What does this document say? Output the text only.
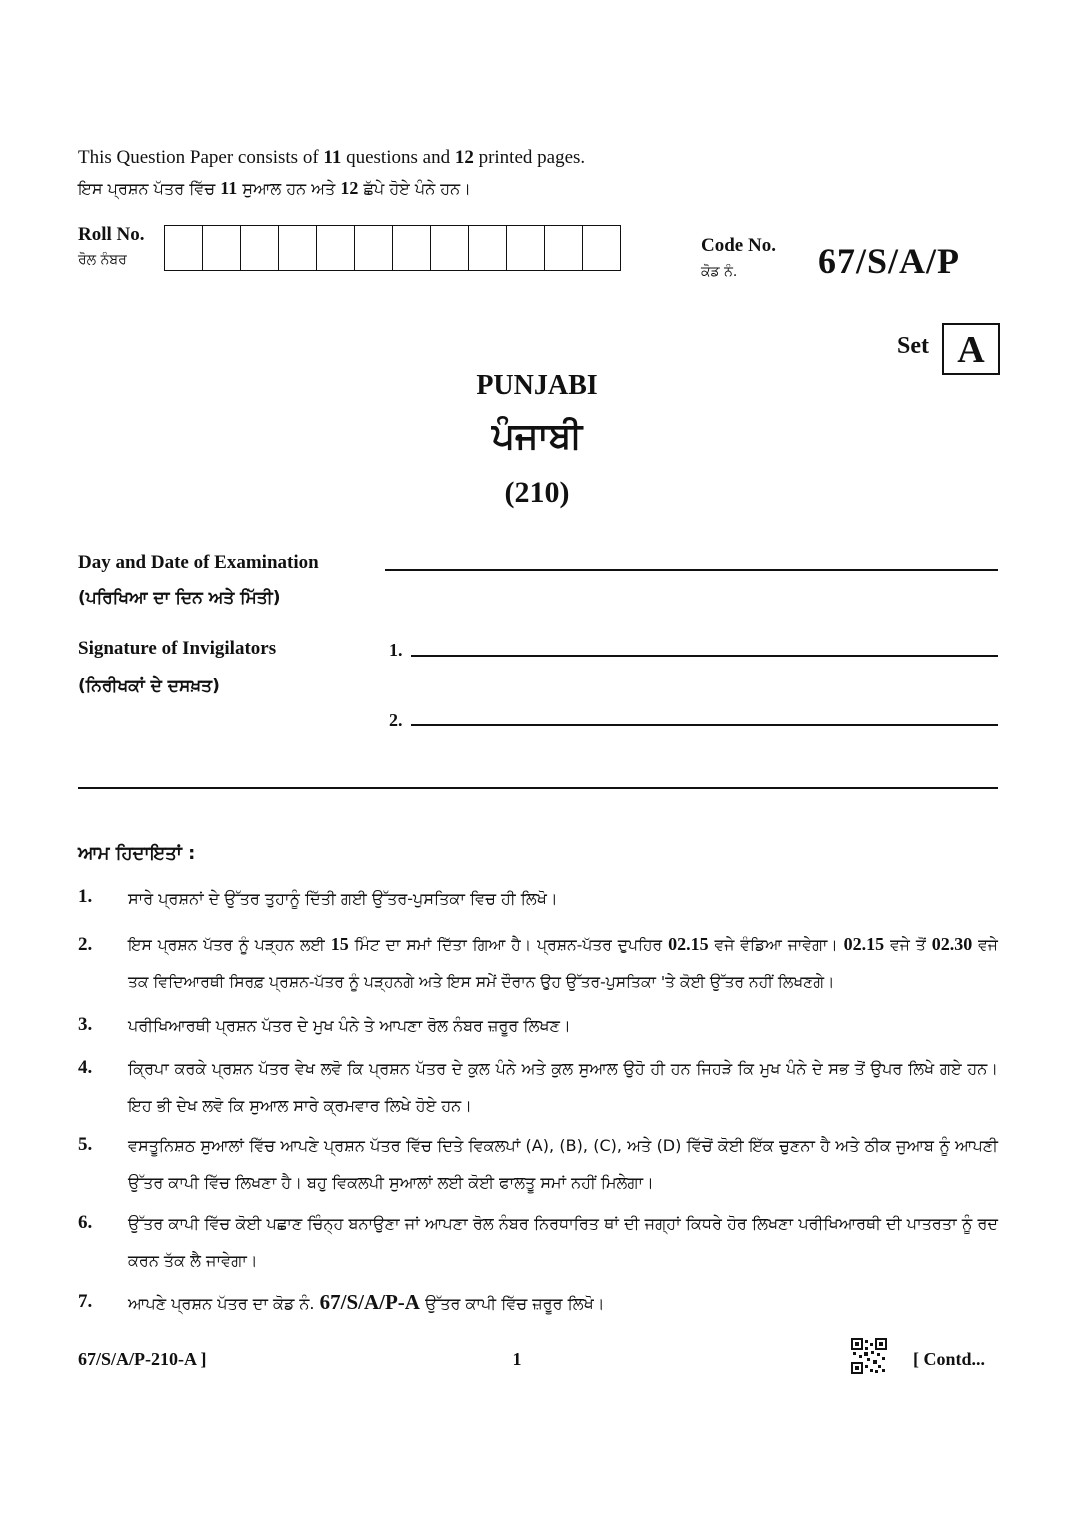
This Question Paper consists of 11 questions and 12 printed pages.
ਇਸ ਪ੍ਰਸ਼ਨ ਪੱਤਰ ਵਿੱਚ 11 ਸੁਆਲ ਹਨ ਅਤੇ 12 ਛੱਪੇ ਹੋਏ ਪੰਨੇ ਹਨ।
Roll No.
ਰੋਲ ਨੰਬਰ
Code No.
ਕੋਡ ਨੰ. 67/S/A/P
Set A
PUNJABI
ਪੰਜਾਬੀ
(210)
Day and Date of Examination
(ਪਰਿਖਿਆ ਦਾ ਦਿਨ ਅਤੇ ਮਿੱਤੀ)
Signature of Invigilators
(ਨਿਰੀਖਕਾਂ ਦੇ ਦਸਖ਼ਤ)
1.
2.
ਆਮ ਹਿਦਾਇਤਾਂ :
1. ਸਾਰੇ ਪ੍ਰਸ਼ਨਾਂ ਦੇ ਉੱਤਰ ਤੁਹਾਨੂੰ ਦਿੱਤੀ ਗਈ ਉੱਤਰ-ਪੁਸਤਿਕਾ ਵਿਚ ਹੀ ਲਿਖੋ।
2. ਇਸ ਪ੍ਰਸ਼ਨ ਪੱਤਰ ਨੂੰ ਪੜ੍ਹਨ ਲਈ 15 ਮਿੰਟ ਦਾ ਸਮਾਂ ਦਿੱਤਾ ਗਿਆ ਹੈ। ਪ੍ਰਸ਼ਨ-ਪੱਤਰ ਦੁਪਹਿਰ 02.15 ਵਜੇ ਵੰਡਿਆ ਜਾਵੇਗਾ। 02.15 ਵਜੇ ਤੋਂ 02.30 ਵਜੇ ਤਕ ਵਿਦਿਆਰਥੀ ਸਿਰਫ਼ ਪ੍ਰਸ਼ਨ-ਪੱਤਰ ਨੂੰ ਪੜ੍ਹਨਗੇ ਅਤੇ ਇਸ ਸਮੇਂ ਦੌਰਾਨ ਉਹ ਉੱਤਰ-ਪੁਸਤਿਕਾ 'ਤੇ ਕੋਈ ਉੱਤਰ ਨਹੀਂ ਲਿਖਣਗੇ।
3. ਪਰੀਖਿਆਰਥੀ ਪ੍ਰਸ਼ਨ ਪੱਤਰ ਦੇ ਮੁਖ ਪੰਨੇ ਤੇ ਆਪਣਾ ਰੋਲ ਨੰਬਰ ਜ਼ਰੂਰ ਲਿਖਣ।
4. ਕ੍ਰਿਪਾ ਕਰਕੇ ਪ੍ਰਸ਼ਨ ਪੱਤਰ ਵੇਖ ਲਵੋ ਕਿ ਪ੍ਰਸ਼ਨ ਪੱਤਰ ਦੇ ਕੁਲ ਪੰਨੇ ਅਤੇ ਕੁਲ ਸੁਆਲ ਉਹੋ ਹੀ ਹਨ ਜਿਹੜੇ ਕਿ ਮੁਖ ਪੰਨੇ ਦੇ ਸਭ ਤੋਂ ਉਪਰ ਲਿਖੇ ਗਏ ਹਨ। ਇਹ ਭੀ ਦੇਖ ਲਵੋ ਕਿ ਸੁਆਲ ਸਾਰੇ ਕ੍ਰਮਵਾਰ ਲਿਖੇ ਹੋਏ ਹਨ।
5. ਵਸਤੂਨਿਸ਼ਠ ਸੁਆਲਾਂ ਵਿੱਚ ਆਪਣੇ ਪ੍ਰਸ਼ਨ ਪੱਤਰ ਵਿੱਚ ਦਿਤੇ ਵਿਕਲਪਾਂ (A), (B), (C), ਅਤੇ (D) ਵਿੱਚੋਂ ਕੋਈ ਇੱਕ ਚੁਣਨਾ ਹੈ ਅਤੇ ਠੀਕ ਜੁਆਬ ਨੂੰ ਆਪਣੀ ਉੱਤਰ ਕਾਪੀ ਵਿੱਚ ਲਿਖਣਾ ਹੈ। ਬਹੁ ਵਿਕਲਪੀ ਸੁਆਲਾਂ ਲਈ ਕੋਈ ਫਾਲਤੂ ਸਮਾਂ ਨਹੀਂ ਮਿਲੇਗਾ।
6. ਉੱਤਰ ਕਾਪੀ ਵਿੱਚ ਕੋਈ ਪਛਾਣ ਚਿੰਨ੍ਹ ਬਨਾਉਣਾ ਜਾਂ ਆਪਣਾ ਰੋਲ ਨੰਬਰ ਨਿਰਧਾਰਿਤ ਥਾਂ ਦੀ ਜਗ੍ਹਾਂ ਕਿਧਰੇ ਹੋਰ ਲਿਖਣਾ ਪਰੀਖਿਆਰਥੀ ਦੀ ਪਾਤਰਤਾ ਨੂੰ ਰਦ ਕਰਨ ਤੱਕ ਲੈ ਜਾਵੇਗਾ।
7. ਆਪਣੇ ਪ੍ਰਸ਼ਨ ਪੱਤਰ ਦਾ ਕੋਡ ਨੰ. 67/S/A/P-A ਉੱਤਰ ਕਾਪੀ ਵਿੱਚ ਜ਼ਰੂਰ ਲਿਖੋ।
67/S/A/P-210-A ]	1	[ Contd...
